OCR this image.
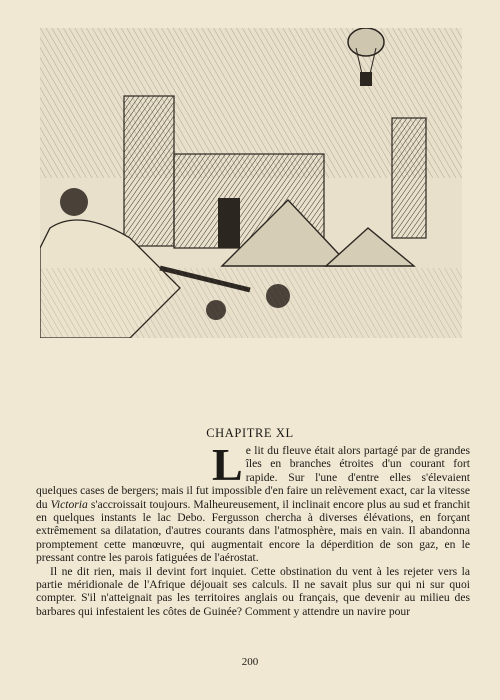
CHAPITRE XL

Le lit du fleuve était alors partagé par de grandes îles en branches étroites d'un courant fort rapide. Sur l'une d'entre elles s'élevaient quelques cases de bergers; mais il fut impossible d'en faire un relèvement exact, car la vitesse du Victoria s'accroissait toujours. Malheureusement, il inclinait encore plus au sud et franchit en quelques instants le lac Debo. Fergusson chercha à diverses élévations, en forçant extrêmement sa dilatation, d'autres courants dans l'atmosphère, mais en vain. Il abandonna promptement cette manœuvre, qui augmentait encore la déperdition de son gaz, en le pressant contre les parois fatiguées de l'aérostat.

Il ne dit rien, mais il devint fort inquiet. Cette obstination du vent à les rejeter vers la partie méridionale de l'Afrique déjouait ses calculs. Il ne savait plus sur qui ni sur quoi compter. S'il n'atteignait pas les territoires anglais ou français, que devenir au milieu des barbares qui infestaient les côtes de Guinée? Comment y attendre un navire pour

200
